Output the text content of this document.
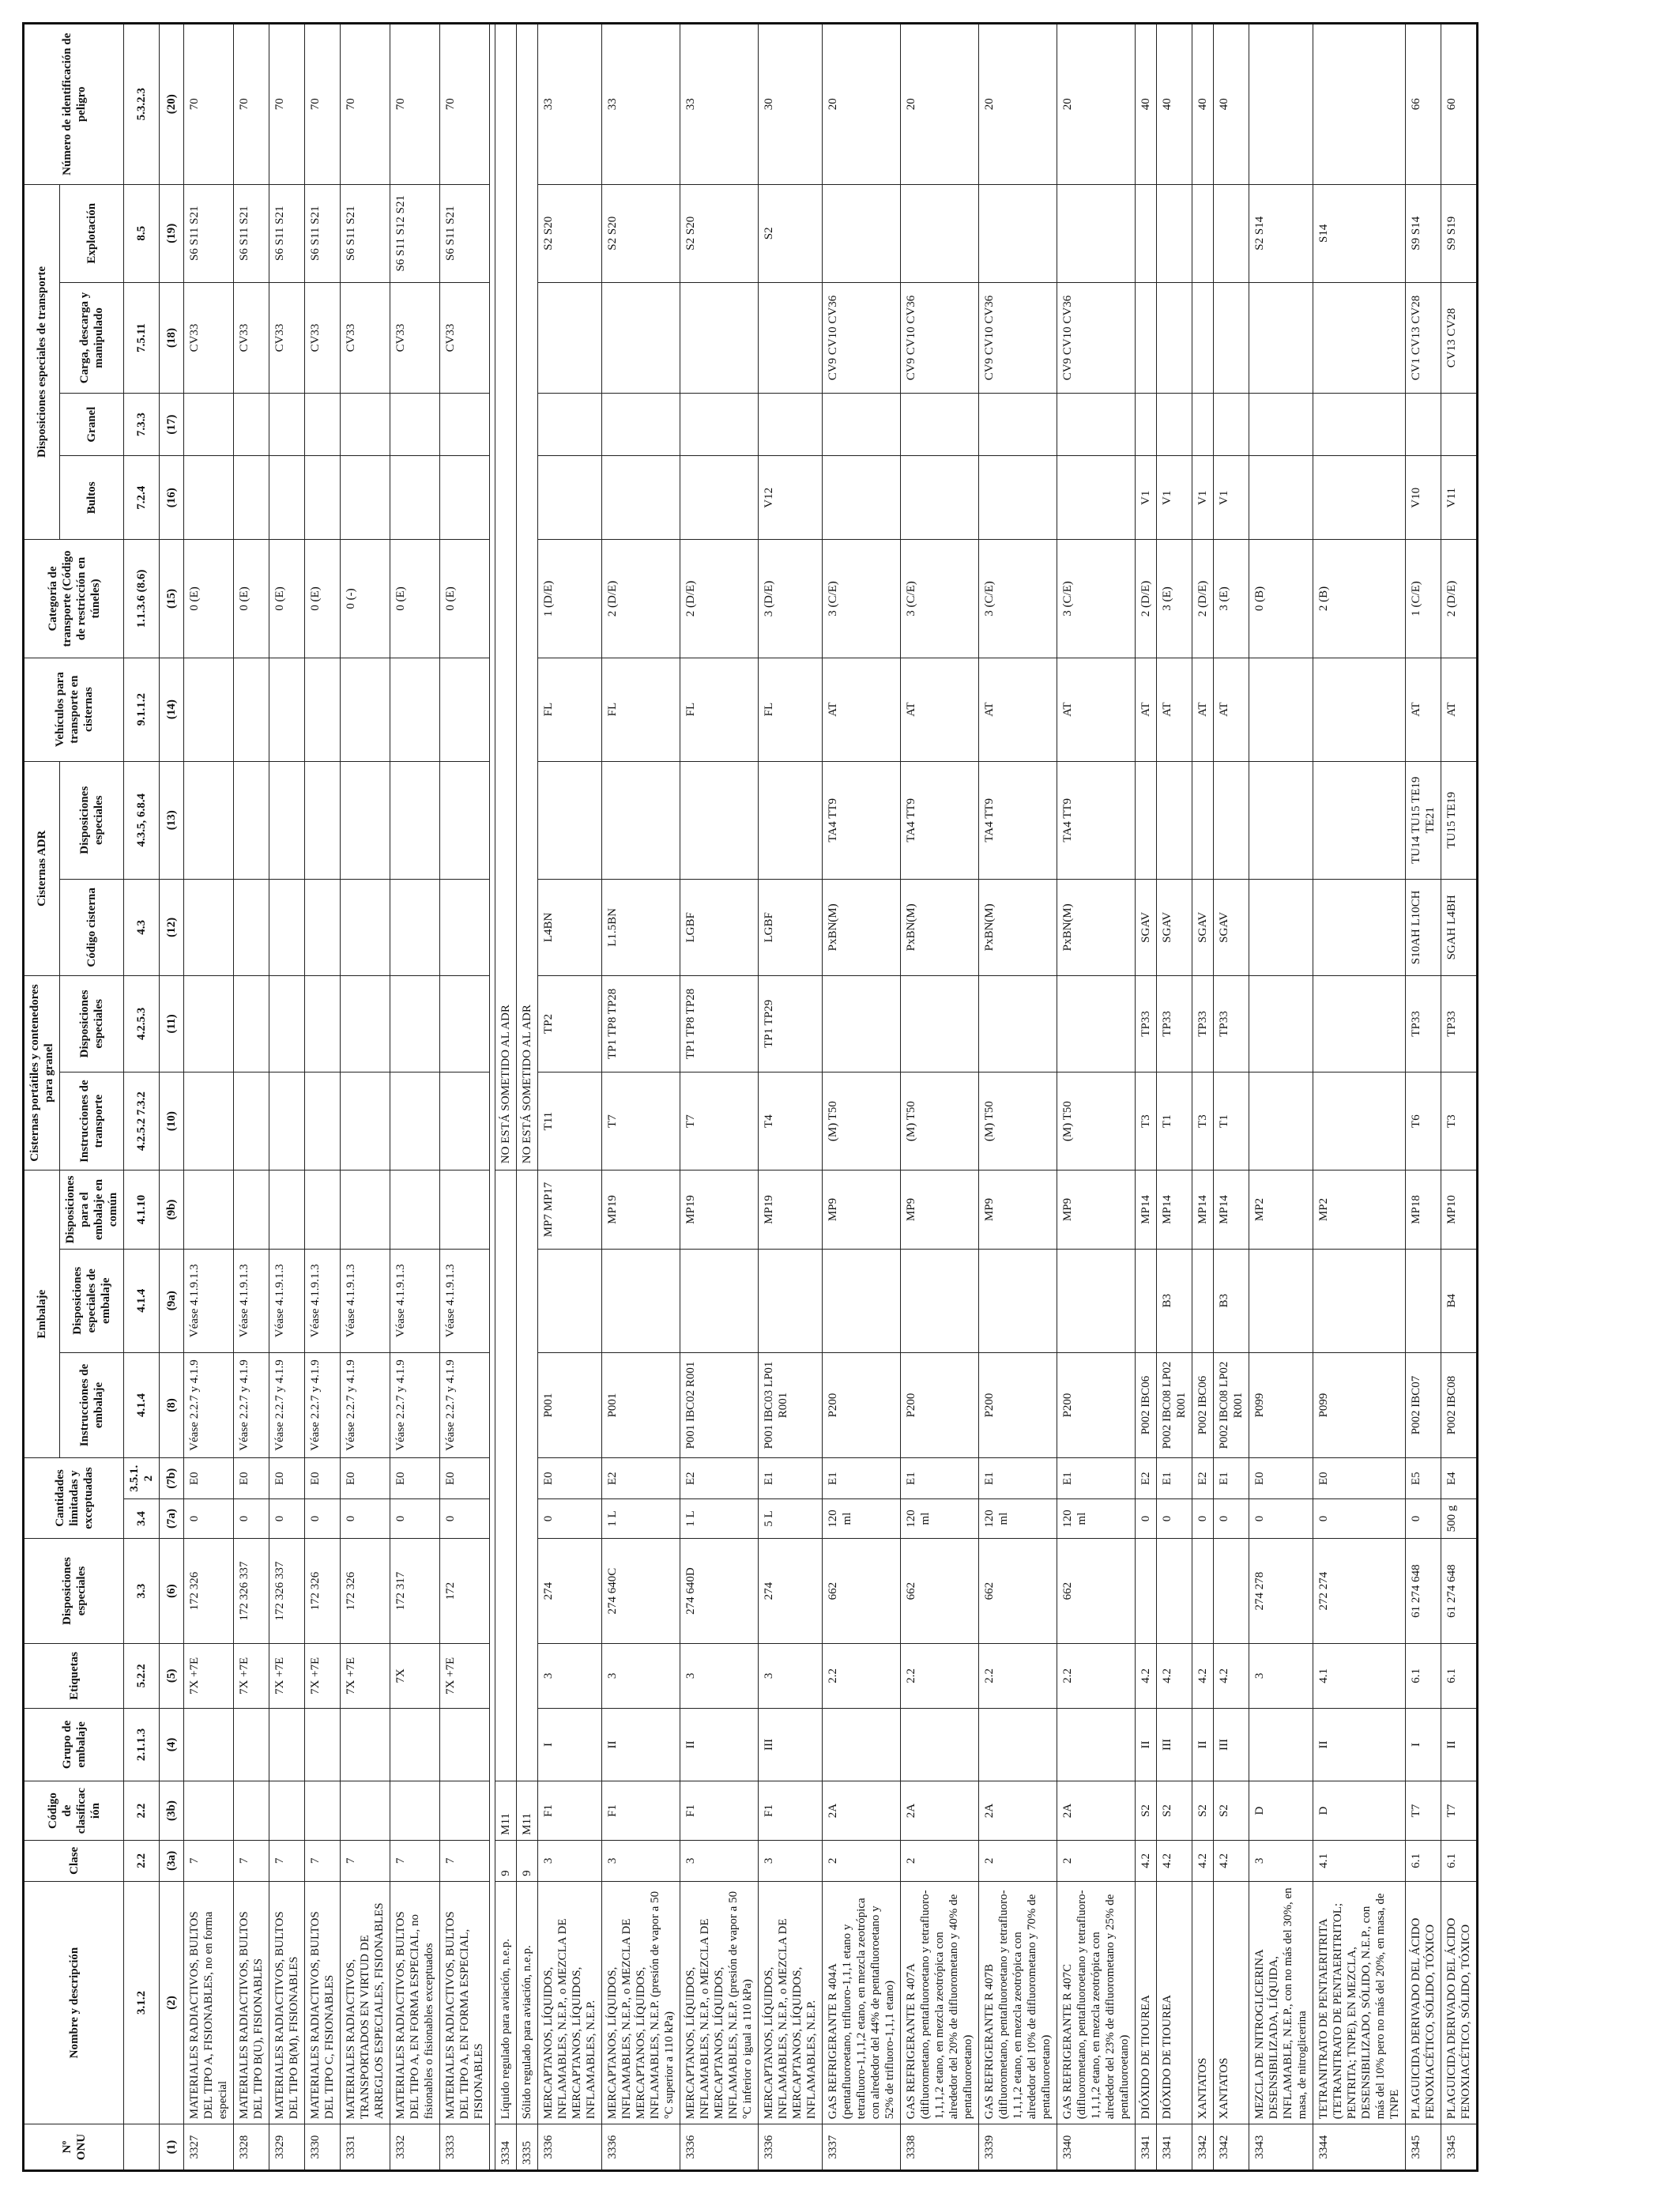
Nº ONU	Nombre y descripción	Clase	Código de clasificación	Grupo de embalaje	Etiquetas	Disposiciones especiales	Cantidades limitadas y exceptuadas		Embalaje			Cisternas portátiles y contenedores para granel		Cisternas ADR		Vehículos para transporte en cisternas	Categoría de transporte (Código de restricción en túneles)	Disposiciones especiales de transporte				Número de identificación de peligro
									Instrucciones de embalaje	Disposiciones especiales de embalaje	Disposiciones para el embalaje en común	Instrucciones de transporte	Disposiciones especiales	Código cisterna	Disposiciones especiales			Bultos	Granel	Carga, descarga y manipulado	Explotación	
	3.1.2	2.2	2.2	2.1.1.3	5.2.2	3.3	3.4	3.5.1.2	4.1.4	4.1.4	4.1.10	4.2.5.2 7.3.2	4.2.5.3	4.3	4.3.5, 6.8.4	9.1.1.2	1.1.3.6 (8.6)	7.2.4	7.3.3	7.5.11	8.5	5.3.2.3
(1)	(2)	(3a)	(3b)	(4)	(5)	(6)	(7a)	(7b)	(8)	(9a)	(9b)	(10)	(11)	(12)	(13)	(14)	(15)	(16)	(17)	(18)	(19)	(20)
3327	MATERIALES RADIACTIVOS, BULTOS DEL TIPO A, FISIONABLES, no en forma especial	7			7X +7E	172 326	0	E0	Véase 2.2.7 y 4.1.9	Véase 4.1.9.1.3							0 (E)			CV33	S6 S11 S21	70
3328	MATERIALES RADIACTIVOS, BULTOS DEL TIPO B(U), FISIONABLES	7			7X +7E	172 326 337	0	E0	Véase 2.2.7 y 4.1.9	Véase 4.1.9.1.3							0 (E)			CV33	S6 S11 S21	70
3329	MATERIALES RADIACTIVOS, BULTOS DEL TIPO B(M), FISIONABLES	7			7X +7E	172 326 337	0	E0	Véase 2.2.7 y 4.1.9	Véase 4.1.9.1.3							0 (E)			CV33	S6 S11 S21	70
3330	MATERIALES RADIACTIVOS, BULTOS DEL TIPO C, FISIONABLES	7			7X +7E	172 326	0	E0	Véase 2.2.7 y 4.1.9	Véase 4.1.9.1.3							0 (E)			CV33	S6 S11 S21	70
3331	MATERIALES RADIACTIVOS, TRANSPORTADOS EN VIRTUD DE ARREGLOS ESPECIALES, FISIONABLES	7			7X +7E	172 326	0	E0	Véase 2.2.7 y 4.1.9	Véase 4.1.9.1.3							0 (-)			CV33	S6 S11 S21	70
3332	MATERIALES RADIACTIVOS, BULTOS DEL TIPO A, EN FORMA ESPECIAL, no fisionables o fisionables exceptuados	7			7X	172 317	0	E0	Véase 2.2.7 y 4.1.9	Véase 4.1.9.1.3							0 (E)			CV33	S6 S11 S12 S21	70
3333	MATERIALES RADIACTIVOS, BULTOS DEL TIPO A, EN FORMA ESPECIAL, FISIONABLES	7			7X +7E	172	0	E0	Véase 2.2.7 y 4.1.9	Véase 4.1.9.1.3							0 (E)			CV33	S6 S11 S21	70

3334	Líquido regulado para aviación, n.e.p.	9	M11									NO ESTÁ SOMETIDO AL ADR										
3335	Sólido regulado para aviación, n.e.p.	9	M11									NO ESTÁ SOMETIDO AL ADR										
3336	MERCAPTANOS, LÍQUIDOS, INFLAMABLES, N.E.P., o MEZCLA DE MERCAPTANOS, LÍQUIDOS, INFLAMABLES, N.E.P.	3	F1	I	3	274	0	E0	P001		MP7 MP17	T11	TP2	L4BN		FL	1 (D/E)				S2 S20	33
3336	MERCAPTANOS, LÍQUIDOS, INFLAMABLES, N.E.P., o MEZCLA DE MERCAPTANOS, LÍQUIDOS, INFLAMABLES, N.E.P. (presión de vapor a 50 °C superior a 110 kPa)	3	F1	II	3	274 640C	1 L	E2	P001		MP19	T7	TP1 TP8 TP28	L1.5BN		FL	2 (D/E)				S2 S20	33
3336	MERCAPTANOS, LÍQUIDOS, INFLAMABLES, N.E.P., o MEZCLA DE MERCAPTANOS, LÍQUIDOS, INFLAMABLES, N.E.P. (presión de vapor a 50 °C inferior o igual a 110 kPa)	3	F1	II	3	274 640D	1 L	E2	P001 IBC02 R001		MP19	T7	TP1 TP8 TP28	LGBF		FL	2 (D/E)				S2 S20	33
3336	MERCAPTANOS, LÍQUIDOS, INFLAMABLES, N.E.P., o MEZCLA DE MERCAPTANOS, LÍQUIDOS, INFLAMABLES, N.E.P.	3	F1	III	3	274	5 L	E1	P001 IBC03 LP01 R001		MP19	T4	TP1 TP29	LGBF		FL	3 (D/E)	V12			S2	30
3337	GAS REFRIGERANTE R 404A (pentafluoroetano, trifluoro-1,1,1 etano y tetrafluoro-1,1,1,2 etano, en mezcla zeotrópica con alrededor del 44% de pentafluoroetano y 52% de trifluoro-1,1,1 etano)	2	2A		2.2	662	120 ml	E1	P200		MP9	(M) T50		PxBN(M)	TA4 TT9	AT	3 (C/E)			CV9 CV10 CV36		20
3338	GAS REFRIGERANTE R 407A (difluorometano, pentafluoroetano y tetrafluoro-1,1,1,2 etano, en mezcla zeotrópica con alrededor del 20% de difluorometano y 40% de pentafluoroetano)	2	2A		2.2	662	120 ml	E1	P200		MP9	(M) T50		PxBN(M)	TA4 TT9	AT	3 (C/E)			CV9 CV10 CV36		20
3339	GAS REFRIGERANTE R 407B (difluorometano, pentafluoroetano y tetrafluoro-1,1,1,2 etano, en mezcla zeotrópica con alrededor del 10% de difluorometano y 70% de pentafluoroetano)	2	2A		2.2	662	120 ml	E1	P200		MP9	(M) T50		PxBN(M)	TA4 TT9	AT	3 (C/E)			CV9 CV10 CV36		20
3340	GAS REFRIGERANTE R 407C (difluorometano, pentafluoroetano y tetrafluoro-1,1,1,2 etano, en mezcla zeotrópica con alrededor del 23% de difluorometano y 25% de pentafluoroetano)	2	2A		2.2	662	120 ml	E1	P200		MP9	(M) T50		PxBN(M)	TA4 TT9	AT	3 (C/E)			CV9 CV10 CV36		20
3341	DIÓXIDO DE TIOUREA	4.2	S2	II	4.2		0	E2	P002 IBC06		MP14	T3	TP33	SGAV		AT	2 (D/E)	V1				40
3341	DIÓXIDO DE TIOUREA	4.2	S2	III	4.2		0	E1	P002 IBC08 LP02 R001	B3	MP14	T1	TP33	SGAV		AT	3 (E)	V1				40
3342	XANTATOS	4.2	S2	II	4.2		0	E2	P002 IBC06		MP14	T3	TP33	SGAV		AT	2 (D/E)	V1				40
3342	XANTATOS	4.2	S2	III	4.2		0	E1	P002 IBC08 LP02 R001	B3	MP14	T1	TP33	SGAV		AT	3 (E)	V1				40
3343	MEZCLA DE NITROGLICERINA DESENSIBILIZADA, LÍQUIDA, INFLAMABLE, N.E.P., con no más del 30%, en masa, de nitroglicerina	3	D		3	274 278	0	E0	P099		MP2						0 (B)				S2 S14	
3344	TETRANITRATO DE PENTAERITRITA (TETRANITRATO DE PENTAERITRITOL; PENTRITA; TNPE), EN MEZCLA, DESENSIBILIZADO, SÓLIDO, N.E.P., con más del 10% pero no más del 20%, en masa, de TNPE	4.1	D	II	4.1	272 274	0	E0	P099		MP2						2 (B)				S14	
3345	PLAGUICIDA DERIVADO DEL ÁCIDO FENOXIACÉTICO, SÓLIDO, TÓXICO	6.1	T7	I	6.1	61 274 648	0	E5	P002 IBC07		MP18	T6	TP33	S10AH L10CH	TU14 TU15 TE19 TE21	AT	1 (C/E)	V10		CV1 CV13 CV28	S9 S14	66
3345	PLAGUICIDA DERIVADO DEL ÁCIDO FENOXIACÉTICO, SÓLIDO, TÓXICO	6.1	T7	II	6.1	61 274 648	500 g	E4	P002 IBC08	B4	MP10	T3	TP33	SGAH L4BH	TU15 TE19	AT	2 (D/E)	V11		CV13 CV28	S9 S19	60
